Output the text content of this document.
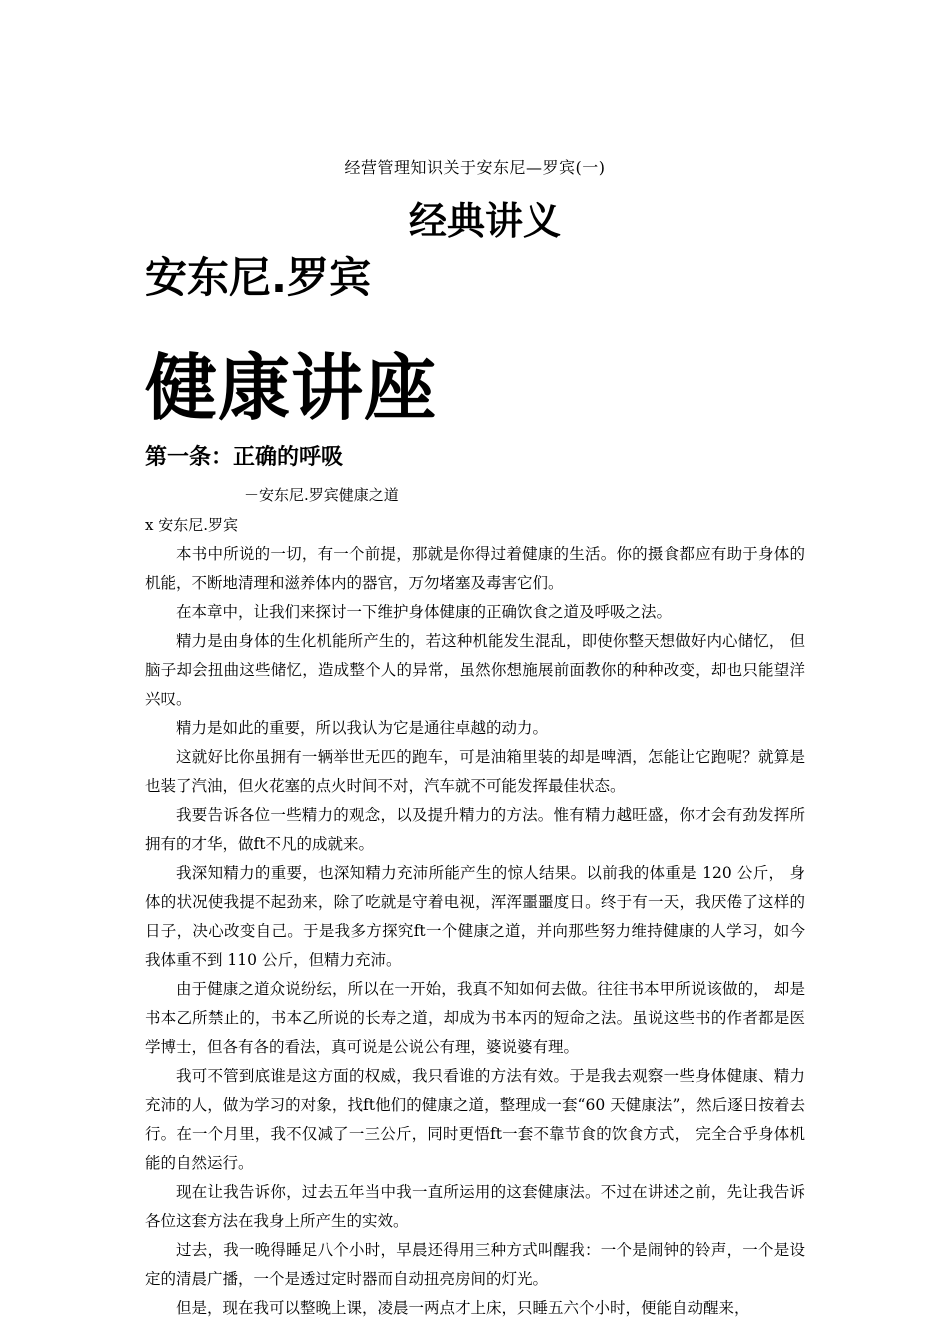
经营管理知识关于安东尼—罗宾(一)
经典讲义
安东尼.罗宾
健康讲座
第一条：正确的呼吸
－安东尼.罗宾健康之道
x 安东尼.罗宾

本书中所说的一切，有一个前提，那就是你得过着健康的生活。你的摄食都应有助于身体的机能，不断地清理和滋养体内的器官，万勿堵塞及毒害它们。

在本章中，让我们来探讨一下维护身体健康的正确饮食之道及呼吸之法。

精力是由身体的生化机能所产生的，若这种机能发生混乱，即使你整天想做好内心储忆， 但脑子却会扭曲这些储忆，造成整个人的异常，虽然你想施展前面教你的种种改变，却也只能望洋兴叹。

精力是如此的重要，所以我认为它是通往卓越的动力。

这就好比你虽拥有一辆举世无匹的跑车，可是油箱里装的却是啤酒，怎能让它跑呢？就算是也装了汽油，但火花塞的点火时间不对，汽车就不可能发挥最佳状态。

我要告诉各位一些精力的观念，以及提升精力的方法。惟有精力越旺盛，你才会有劲发挥所拥有的才华，做ft不凡的成就来。

我深知精力的重要，也深知精力充沛所能产生的惊人结果。以前我的体重是 120 公斤， 身体的状况使我提不起劲来，除了吃就是守着电视，浑浑噩噩度日。终于有一天，我厌倦了这样的日子，决心改变自己。于是我多方探究ft一个健康之道，并向那些努力维持健康的人学习，如今我体重不到 110 公斤，但精力充沛。

由于健康之道众说纷纭，所以在一开始，我真不知如何去做。往往书本甲所说该做的， 却是书本乙所禁止的，书本乙所说的长寿之道，却成为书本丙的短命之法。虽说这些书的作者都是医学博士，但各有各的看法，真可说是公说公有理，婆说婆有理。

我可不管到底谁是这方面的权威，我只看谁的方法有效。于是我去观察一些身体健康、精力充沛的人，做为学习的对象，找ft他们的健康之道，整理成一套“60 天健康法”，然后逐日按着去行。在一个月里，我不仅减了一三公斤，同时更悟ft一套不靠节食的饮食方式， 完全合乎身体机能的自然运行。

现在让我告诉你，过去五年当中我一直所运用的这套健康法。不过在讲述之前，先让我告诉各位这套方法在我身上所产生的实效。

过去，我一晚得睡足八个小时，早晨还得用三种方式叫醒我：一个是闹钟的铃声，一个是设定的清晨广播，一个是透过定时器而自动扭亮房间的灯光。

但是，现在我可以整晚上课，凌晨一两点才上床，只睡五六个小时，便能自动醒来，
